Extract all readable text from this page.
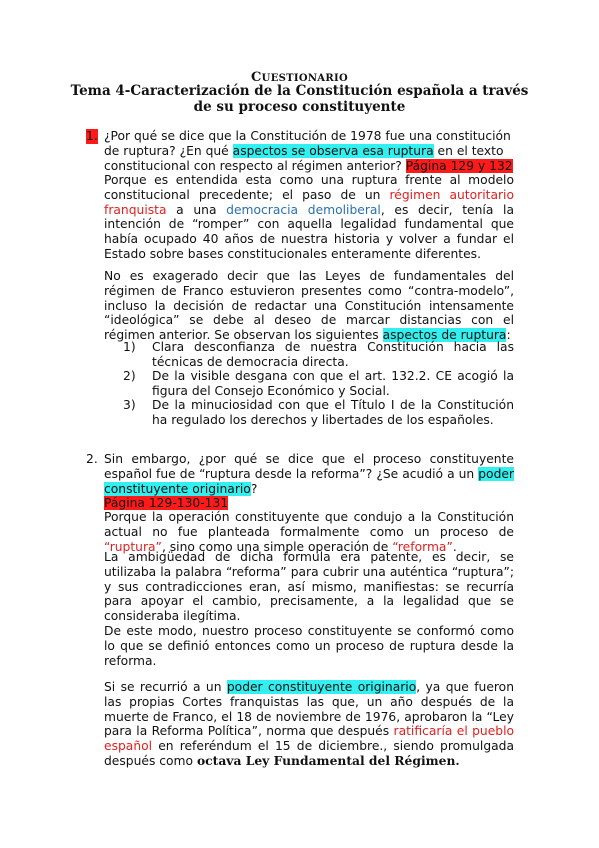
CUESTIONARIO
Tema 4-Caracterización de la Constitución española a través
de su proceso constituyente
1. ¿Por qué se dice que la Constitución de 1978 fue una constitución de ruptura? ¿En qué aspectos se observa esa ruptura en el texto constitucional con respecto al régimen anterior? Página 129 y 132
Porque es entendida esta como una ruptura frente al modelo constitucional precedente; el paso de un régimen autoritario franquista a una democracia demoliberal, es decir, tenía la intención de “romper” con aquella legalidad fundamental que había ocupado 40 años de nuestra historia y volver a fundar el Estado sobre bases constitucionales enteramente diferentes.
No es exagerado decir que las Leyes de fundamentales del régimen de Franco estuvieron presentes como “contra-modelo”, incluso la decisión de redactar una Constitución intensamente “ideológica” se debe al deseo de marcar distancias con el régimen anterior. Se observan los siguientes aspectos de ruptura:
1) Clara desconfianza de nuestra Constitución hacia las técnicas de democracia directa.
2) De la visible desgana con que el art. 132.2. CE acogió la figura del Consejo Económico y Social.
3) De la minuciosidad con que el Título I de la Constitución ha regulado los derechos y libertades de los españoles.
2. Sin embargo, ¿por qué se dice que el proceso constituyente español fue de “ruptura desde la reforma”? ¿Se acudió a un poder constituyente originario?
Página 129-130-131
Porque la operación constituyente que condujo a la Constitución actual no fue planteada formalmente como un proceso de “ruptura”, sino como una simple operación de “reforma”.
La ambigüedad de dicha formula era patente, es decir, se utilizaba la palabra “reforma” para cubrir una auténtica “ruptura”; y sus contradicciones eran, así mismo, manifiestas: se recurría para apoyar el cambio, precisamente, a la legalidad que se consideraba ilegítima.
De este modo, nuestro proceso constituyente se conformó como lo que se definió entonces como un proceso de ruptura desde la reforma.
Si se recurrió a un poder constituyente originario, ya que fueron las propias Cortes franquistas las que, un año después de la muerte de Franco, el 18 de noviembre de 1976, aprobaron la “Ley para la Reforma Política”, norma que después ratificaría el pueblo español en referéndum el 15 de diciembre., siendo promulgada después como octava Ley Fundamental del Régimen.
